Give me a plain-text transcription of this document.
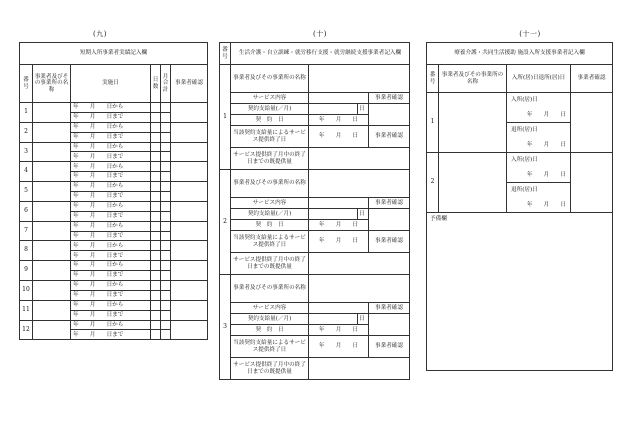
(九)
短期入所事業者実績記入欄					
番号	事業者及びその事業所の名称	実施日	日数	月合計	事業者確認
1		年　　月　　日から			
		年　　月　　日まで			
2		年　　月　　日から			
		年　　月　　日まで			
3		年　　月　　日から			
		年　　月　　日まで			
4		年　　月　　日から			
		年　　月　　日まで			
5		年　　月　　日から			
		年　　月　　日まで			
6		年　　月　　日から			
		年　　月　　日まで			
7		年　　月　　日から			
		年　　月　　日まで			
8		年　　月　　日から			
		年　　月　　日まで			
9		年　　月　　日から			
		年　　月　　日まで			
10		年　　月　　日から			
		年　　月　　日まで			
11		年　　月　　日から			
		年　　月　　日まで			
12		年　　月　　日から			
		年　　月　　日まで			
(十)
番号	生活介護・自立訓練・就労移行支援・就労継続支援事業者記入欄			
1	事業者及びその事業所の名称			
	サービス内容			事業者確認
	契約支給量(／月)		日	
	契　約　日	年　　月　　日		
	当該契約支給量によるサービス提供終了日	年　　月　　日		事業者確認
	サービス提供終了月中の終了日までの既提供量			
2	事業者及びその事業所の名称			
	サービス内容			事業者確認
	契約支給量(／月)		日	
	契　約　日	年　　月　　日		
	当該契約支給量によるサービス提供終了日	年　　月　　日		事業者確認
	サービス提供終了月中の終了日までの既提供量			
3	事業者及びその事業所の名称			
	サービス内容			事業者確認
	契約支給量(／月)		日	
	契　約　日	年　　月　　日		
	当該契約支給量によるサービス提供終了日	年　　月　　日		事業者確認
	サービス提供終了月中の終了日までの既提供量			
(十一)
療養介護・共同生活援助 施設入所支援事業者記入欄			
番号	事業者及びその事業所の名称	入所(居)日退所(居)日	事業者確認
1		入所(居)日	
		年　　月　　日	
		退所(居)日	
		年　　月　　日	
2		入所(居)日	
		年　　月　　日	
		退所(居)日	
		年　　月　　日	
予備欄			
